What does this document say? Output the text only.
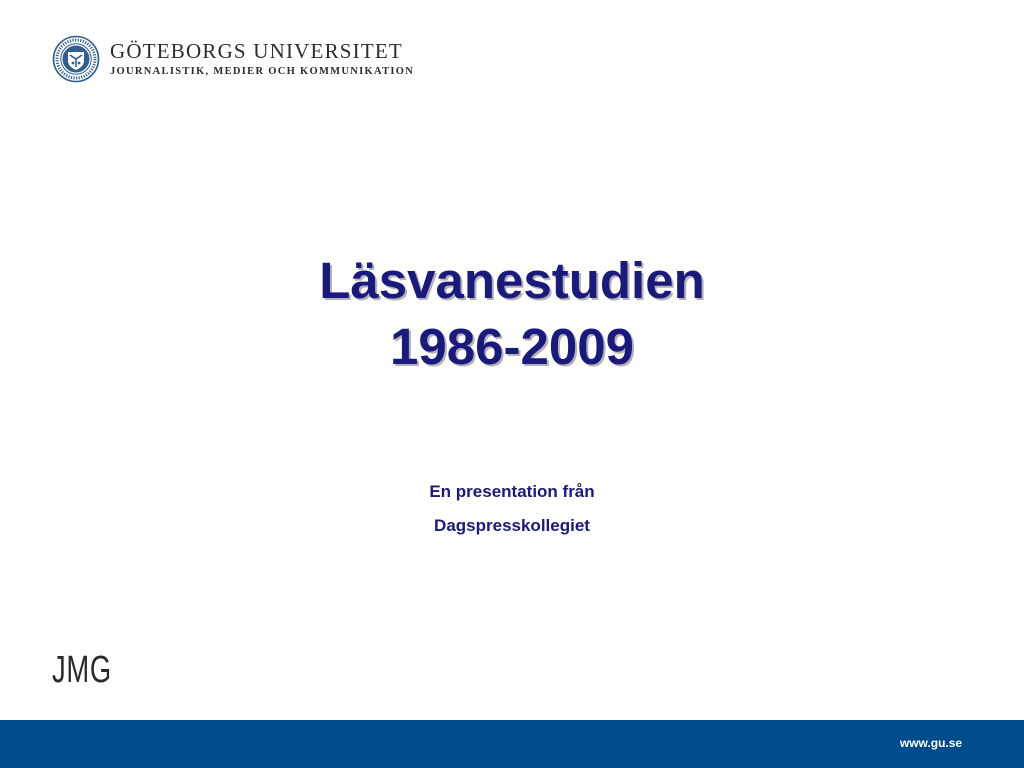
GÖTEBORGS UNIVERSITET
JOURNALISTIK, MEDIER OCH KOMMUNIKATION
Läsvanestudien
1986-2009
En presentation från
Dagspresskollegiet
JMG
www.gu.se
